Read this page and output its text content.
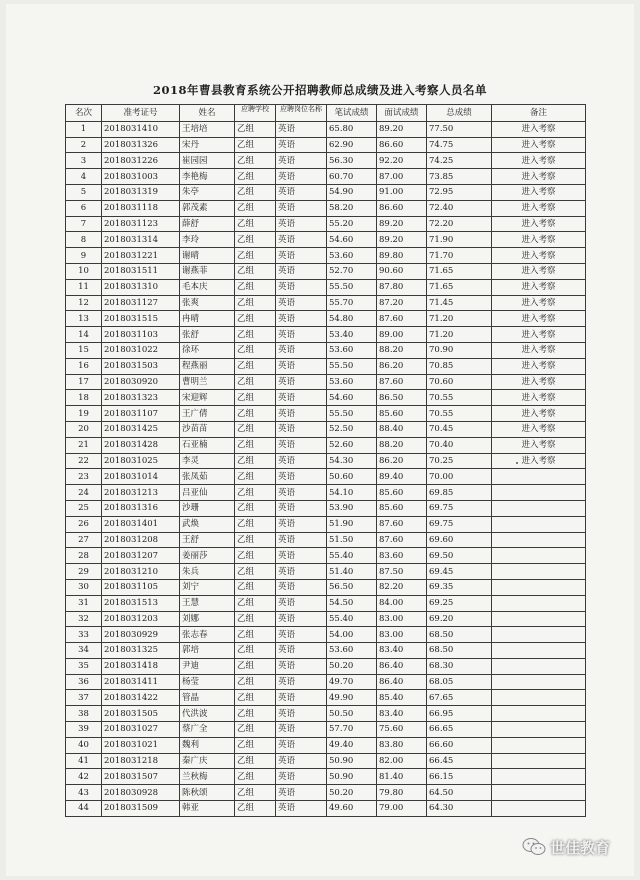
2018年曹县教育系统公开招聘教师总成绩及进入考察人员名单
名次	准考证号	姓名	应聘学校	应聘岗位名称	笔试成绩	面试成绩	总成绩	备注
1	2018031410	王培培	乙组	英语	65.80	89.20	77.50	进入考察
2	2018031326	宋丹	乙组	英语	62.90	86.60	74.75	进入考察
3	2018031226	崔园园	乙组	英语	56.30	92.20	74.25	进入考察
4	2018031003	李艳梅	乙组	英语	60.70	87.00	73.85	进入考察
5	2018031319	朱亭	乙组	英语	54.90	91.00	72.95	进入考察
6	2018031118	郭茂素	乙组	英语	58.20	86.60	72.40	进入考察
7	2018031123	薛舒	乙组	英语	55.20	89.20	72.20	进入考察
8	2018031314	李玲	乙组	英语	54.60	89.20	71.90	进入考察
9	2018031221	谢晴	乙组	英语	53.60	89.80	71.70	进入考察
10	2018031511	谢燕菲	乙组	英语	52.70	90.60	71.65	进入考察
11	2018031310	毛本庆	乙组	英语	55.50	87.80	71.65	进入考察
12	2018031127	张爽	乙组	英语	55.70	87.20	71.45	进入考察
13	2018031515	冉晴	乙组	英语	54.80	87.60	71.20	进入考察
14	2018031103	张舒	乙组	英语	53.40	89.00	71.20	进入考察
15	2018031022	徐环	乙组	英语	53.60	88.20	70.90	进入考察
16	2018031503	程燕丽	乙组	英语	55.50	86.20	70.85	进入考察
17	2018030920	曹明兰	乙组	英语	53.60	87.60	70.60	进入考察
18	2018031323	宋迎辉	乙组	英语	54.60	86.50	70.55	进入考察
19	2018031107	王广倩	乙组	英语	55.50	85.60	70.55	进入考察
20	2018031425	沙苗苗	乙组	英语	52.50	88.40	70.45	进入考察
21	2018031428	石亚楠	乙组	英语	52.60	88.20	70.40	进入考察
22	2018031025	李灵	乙组	英语	54.30	86.20	70.25	进入考察
23	2018031014	张凤茹	乙组	英语	50.60	89.40	70.00	
24	2018031213	吕亚仙	乙组	英语	54.10	85.60	69.85	
25	2018031316	沙珊	乙组	英语	53.90	85.60	69.75	
26	2018031401	武焕	乙组	英语	51.90	87.60	69.75	
27	2018031208	王舒	乙组	英语	51.50	87.60	69.60	
28	2018031207	姜丽莎	乙组	英语	55.40	83.60	69.50	
29	2018031210	朱兵	乙组	英语	51.40	87.50	69.45	
30	2018031105	刘宁	乙组	英语	56.50	82.20	69.35	
31	2018031513	王慧	乙组	英语	54.50	84.00	69.25	
32	2018031203	刘娜	乙组	英语	55.40	83.00	69.20	
33	2018030929	张志春	乙组	英语	54.00	83.00	68.50	
34	2018031325	郭培	乙组	英语	53.60	83.40	68.50	
35	2018031418	尹迪	乙组	英语	50.20	86.40	68.30	
36	2018031411	杨莹	乙组	英语	49.70	86.40	68.05	
37	2018031422	管晶	乙组	英语	49.90	85.40	67.65	
38	2018031505	代洪波	乙组	英语	50.50	83.40	66.95	
39	2018031027	蔡广全	乙组	英语	57.70	75.60	66.65	
40	2018031021	魏利	乙组	英语	49.40	83.80	66.60	
41	2018031218	秦广庆	乙组	英语	50.90	82.00	66.45	
42	2018031507	兰秋梅	乙组	英语	50.90	81.40	66.15	
43	2018030928	陈秋颂	乙组	英语	50.20	79.80	64.50	
44	2018031509	韩亚	乙组	英语	49.60	79.00	64.30	
世佳教育
